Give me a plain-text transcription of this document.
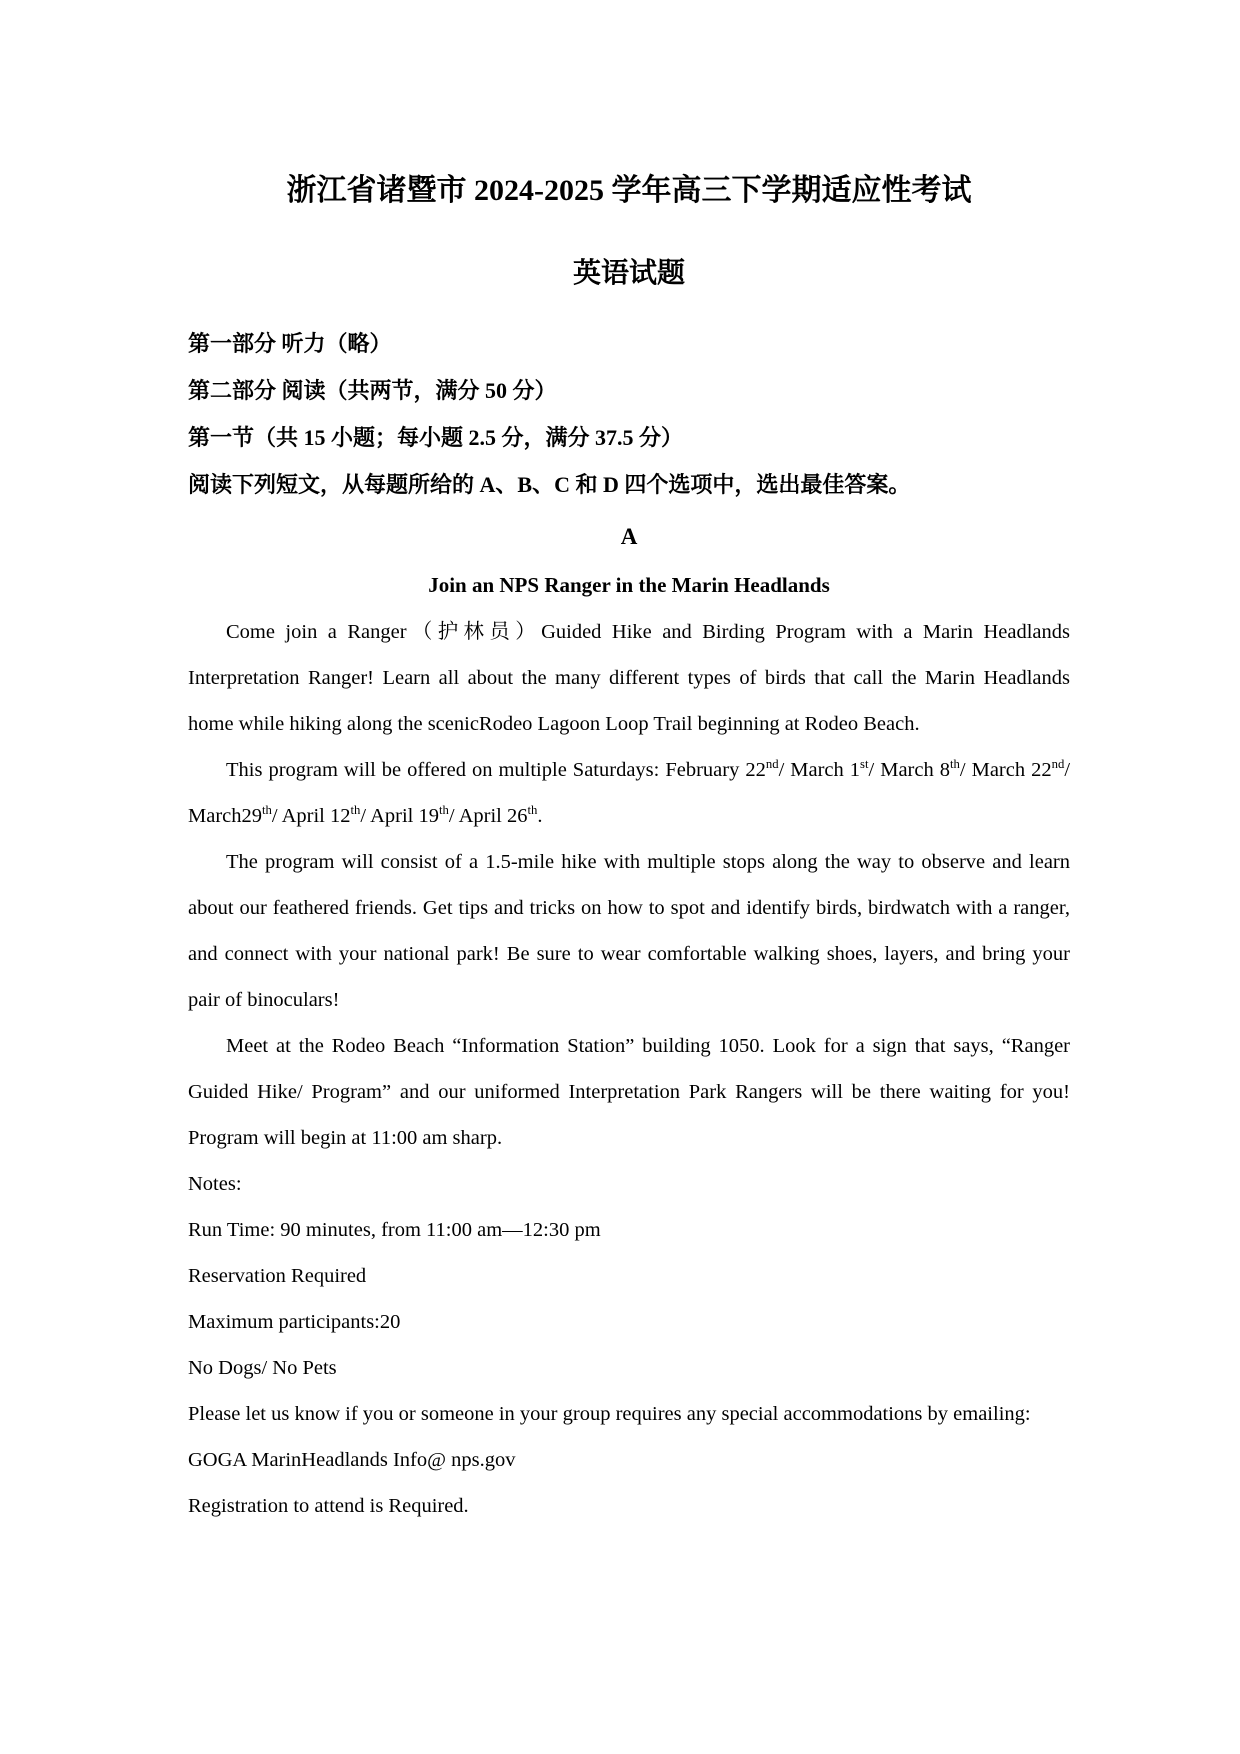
浙江省诸暨市 2024-2025 学年高三下学期适应性考试
英语试题

第一部分 听力（略）

第二部分 阅读（共两节，满分 50 分）

第一节（共 15 小题；每小题 2.5 分，满分 37.5 分）

阅读下列短文，从每题所给的 A、B、C 和 D 四个选项中，选出最佳答案。

A
Join an NPS Ranger in the Marin Headlands

Come join a Ranger（护林员）Guided Hike and Birding Program with a Marin Headlands Interpretation Ranger! Learn all about the many different types of birds that call the Marin Headlands home while hiking along the scenicRodeo Lagoon Loop Trail beginning at Rodeo Beach.

This program will be offered on multiple Saturdays: February 22nd/ March 1st/ March 8th/ March 22nd/ March29th/ April 12th/ April 19th/ April 26th.

The program will consist of a 1.5-mile hike with multiple stops along the way to observe and learn about our feathered friends. Get tips and tricks on how to spot and identify birds, birdwatch with a ranger, and connect with your national park! Be sure to wear comfortable walking shoes, layers, and bring your pair of binoculars!

Meet at the Rodeo Beach “Information Station” building 1050. Look for a sign that says, “Ranger Guided Hike/ Program” and our uniformed Interpretation Park Rangers will be there waiting for you! Program will begin at 11:00 am sharp.

Notes:

Run Time: 90 minutes, from 11:00 am—12:30 pm

Reservation Required

Maximum participants:20

No Dogs/ No Pets

Please let us know if you or someone in your group requires any special accommodations by emailing:

GOGA MarinHeadlands Info@ nps.gov

Registration to attend is Required.
